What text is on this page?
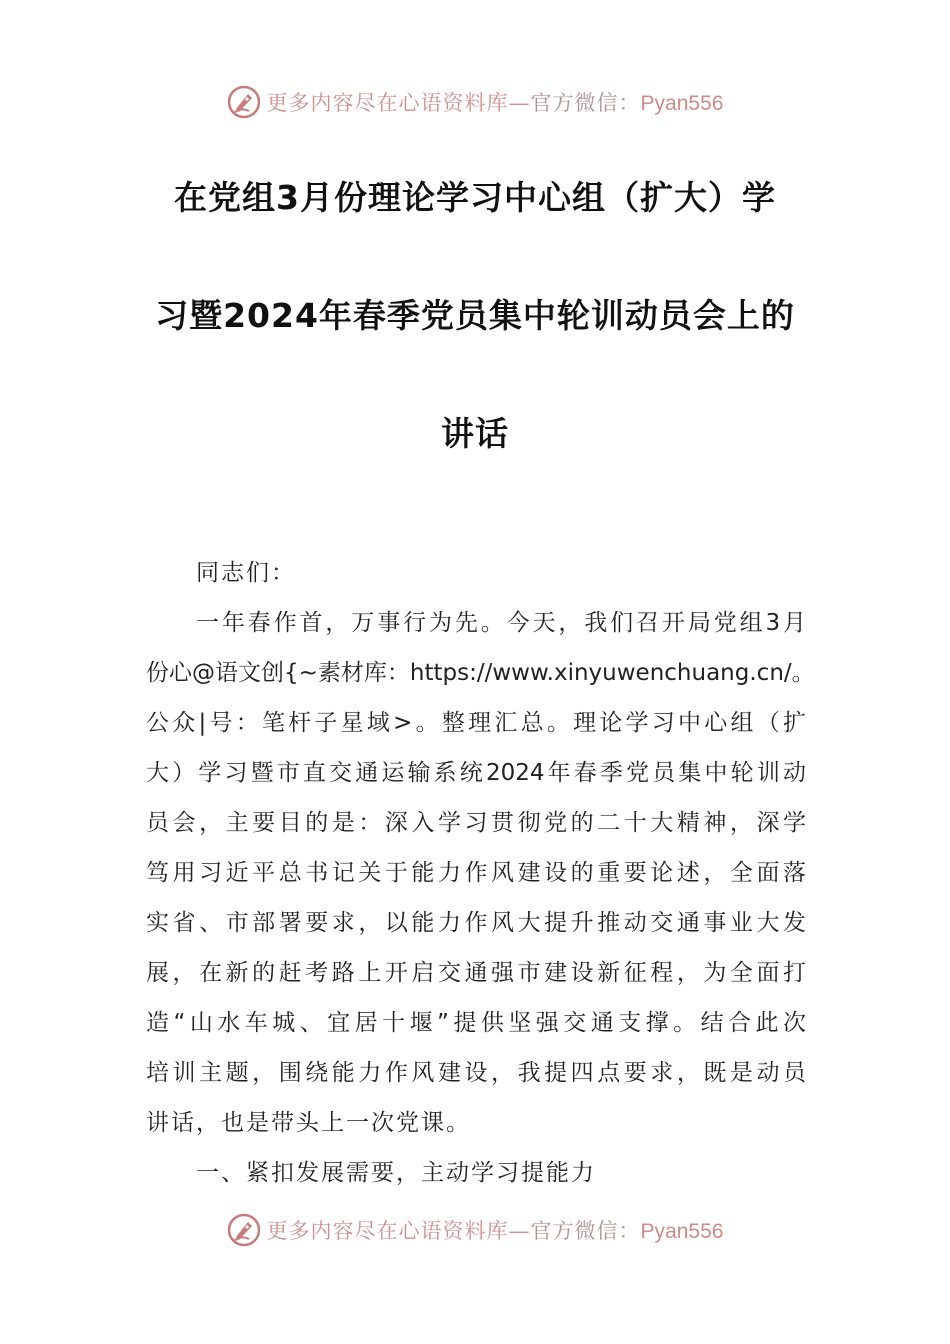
更多内容尽在心语资料库—官方微信：Pyan556
在党组3月份理论学习中心组（扩大）学
习暨2024年春季党员集中轮训动员会上的
讲话
同志们：
一年春作首，万事行为先。今天，我们召开局党组3月
份心@语文创{~素材库：https://www.xinyuwenchuang.cn/。
公众|号：笔杆子星域>。整理汇总。理论学习中心组（扩
大）学习暨市直交通运输系统2024年春季党员集中轮训动
员会，主要目的是：深入学习贯彻党的二十大精神，深学
笃用习近平总书记关于能力作风建设的重要论述，全面落
实省、市部署要求，以能力作风大提升推动交通事业大发
展，在新的赶考路上开启交通强市建设新征程，为全面打
造“山水车城、宜居十堰”提供坚强交通支撑。结合此次
培训主题，围绕能力作风建设，我提四点要求，既是动员
讲话，也是带头上一次党课。
一、紧扣发展需要，主动学习提能力
更多内容尽在心语资料库—官方微信：Pyan556
